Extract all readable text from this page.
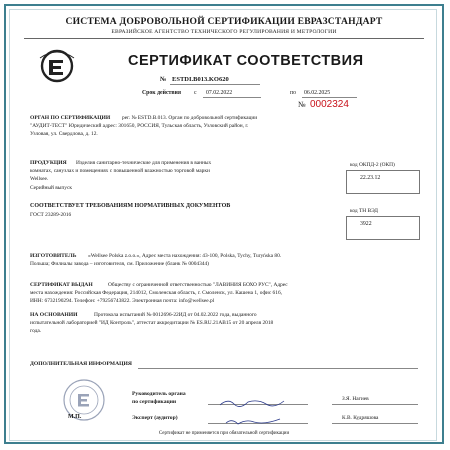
СИСТЕМА ДОБРОВОЛЬНОЙ СЕРТИФИКАЦИИ ЕВРАЗСТАНДАРТ
ЕВРАЗИЙСКОЕ АГЕНТСТВО ТЕХНИЧЕСКОГО РЕГУЛИРОВАНИЯ И МЕТРОЛОГИИ
СЕРТИФИКАТ СООТВЕТСТВИЯ
№ ESTDI.B013.KO620
Срок действия с 07.02.2022	по 06.02.2025
№ 0002324
ОРГАН ПО СЕРТИФИКАЦИИ рег. № ESTD.B.013. Орган по добровольной сертификации
"АУДИТ-ТЕСТ" Юридический адрес: 301650, РОССИЯ, Тульская область, Узловский район, г.
Узловая, ул. Свердлова, д. 12.
ПРОДУКЦИЯ Изделия санитарно-технические для применения в ванных
комнатах, санузлах и помещениях с повышенной влажностью торговой марки
Wellsee.
Серийный выпуск
код ОКПД-2 (ОКП)
22.23.12
СООТВЕТСТВУЕТ ТРЕБОВАНИЯМ НОРМАТИВНЫХ ДОКУМЕНТОВ
ГОСТ 23289-2016
код ТН ВЭД
3922
ИЗГОТОВИТЕЛЬ «Wellsee Polska z.o.o.», Адрес места нахождения: 43-100, Polska, Tychy, Turyńska 80.
Польша; Филиалы завода – изготовителя, см. Приложение (бланк № 0004344)
СЕРТИФИКАТ ВЫДАН	Обществу с ограниченной ответственностью "ЛАВИНИЯ БОХО РУС", Адрес
места нахождения: Российская Федерация, 214012, Смоленская область, г. Смоленск, ул. Кашена 1, офис 616,
ИНН: 6732190294. Телефон: +79256743822. Электронная почта: info@wellsee.pl
НА ОСНОВАНИИ	Протокола испытаний № 0012696-22ИД от 04.02.2022 года, выданного
испытательной лабораторией "ИД Контроль", аттестат аккредитации № ES.RU.21AB15 от 20 апреля 2018
года.
ДОПОЛНИТЕЛЬНАЯ ИНФОРМАЦИЯ
М.П.
Руководитель органа
по сертификации	З.Я. Нагиев
Эксперт (аудитор)	К.В. Кудряшова
Сертификат не применяется при обязательной сертификации
